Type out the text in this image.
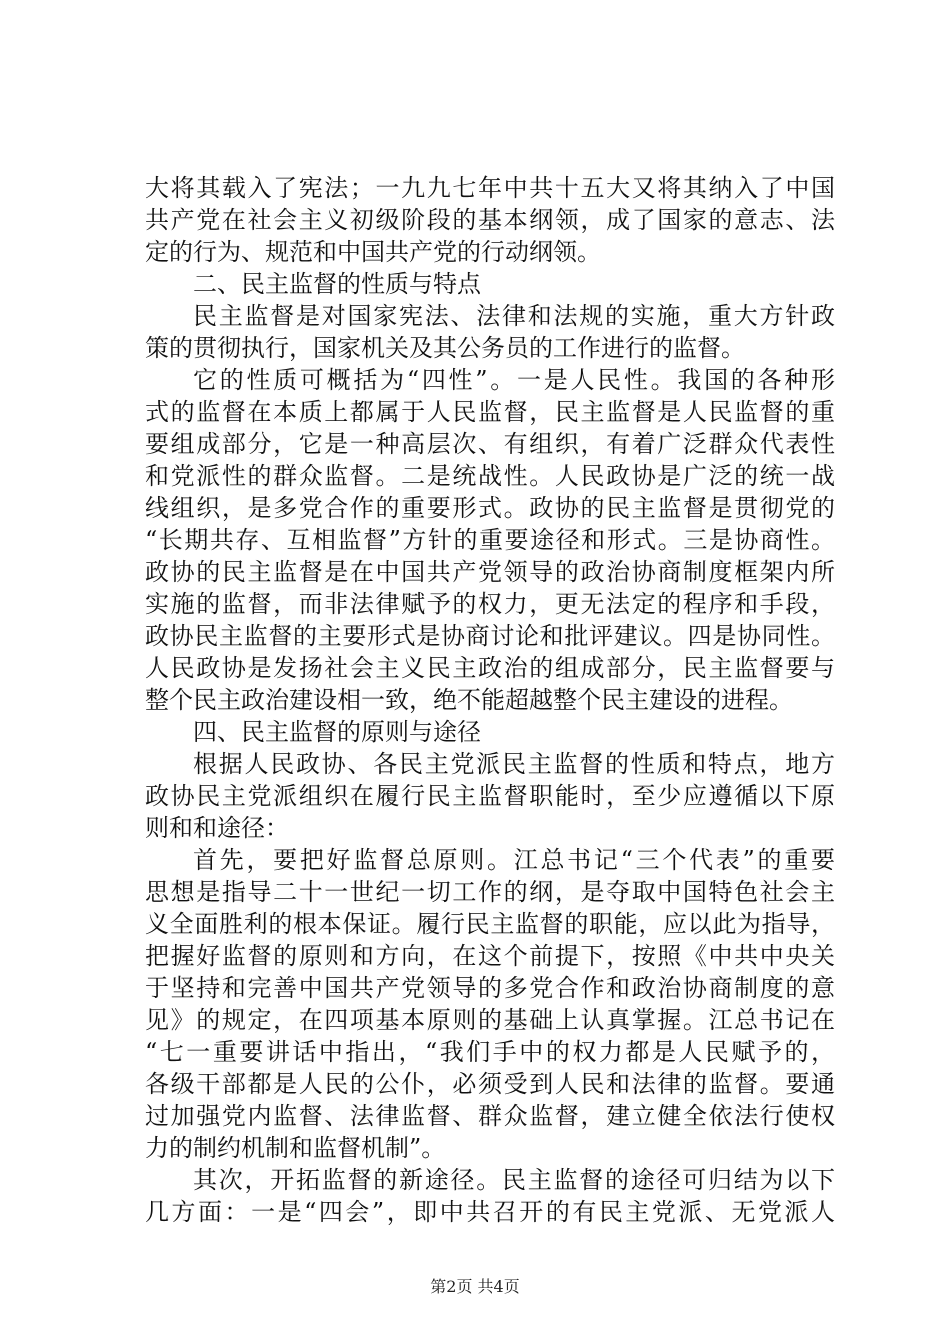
大将其载入了宪法；一九九七年中共十五大又将其纳入了中国
共产党在社会主义初级阶段的基本纲领，成了国家的意志、法
定的行为、规范和中国共产党的行动纲领。
二、民主监督的性质与特点
民主监督是对国家宪法、法律和法规的实施，重大方针政
策的贯彻执行，国家机关及其公务员的工作进行的监督。
它的性质可概括为“四性”。一是人民性。我国的各种形
式的监督在本质上都属于人民监督，民主监督是人民监督的重
要组成部分，它是一种高层次、有组织，有着广泛群众代表性
和党派性的群众监督。二是统战性。人民政协是广泛的统一战
线组织，是多党合作的重要形式。政协的民主监督是贯彻党的
“长期共存、互相监督”方针的重要途径和形式。三是协商性。
政协的民主监督是在中国共产党领导的政治协商制度框架内所
实施的监督，而非法律赋予的权力，更无法定的程序和手段，
政协民主监督的主要形式是协商讨论和批评建议。四是协同性。
人民政协是发扬社会主义民主政治的组成部分，民主监督要与
整个民主政治建设相一致，绝不能超越整个民主建设的进程。
四、民主监督的原则与途径
根据人民政协、各民主党派民主监督的性质和特点，地方
政协民主党派组织在履行民主监督职能时，至少应遵循以下原
则和和途径：
首先，要把好监督总原则。江总书记“三个代表”的重要
思想是指导二十一世纪一切工作的纲，是夺取中国特色社会主
义全面胜利的根本保证。履行民主监督的职能，应以此为指导，
把握好监督的原则和方向，在这个前提下，按照《中共中央关
于坚持和完善中国共产党领导的多党合作和政治协商制度的意
见》的规定，在四项基本原则的基础上认真掌握。江总书记在
“七一重要讲话中指出，“我们手中的权力都是人民赋予的，
各级干部都是人民的公仆，必须受到人民和法律的监督。要通
过加强党内监督、法律监督、群众监督，建立健全依法行使权
力的制约机制和监督机制”。
其次，开拓监督的新途径。民主监督的途径可归结为以下
几方面：一是“四会”，即中共召开的有民主党派、无党派人
第2页 共4页
